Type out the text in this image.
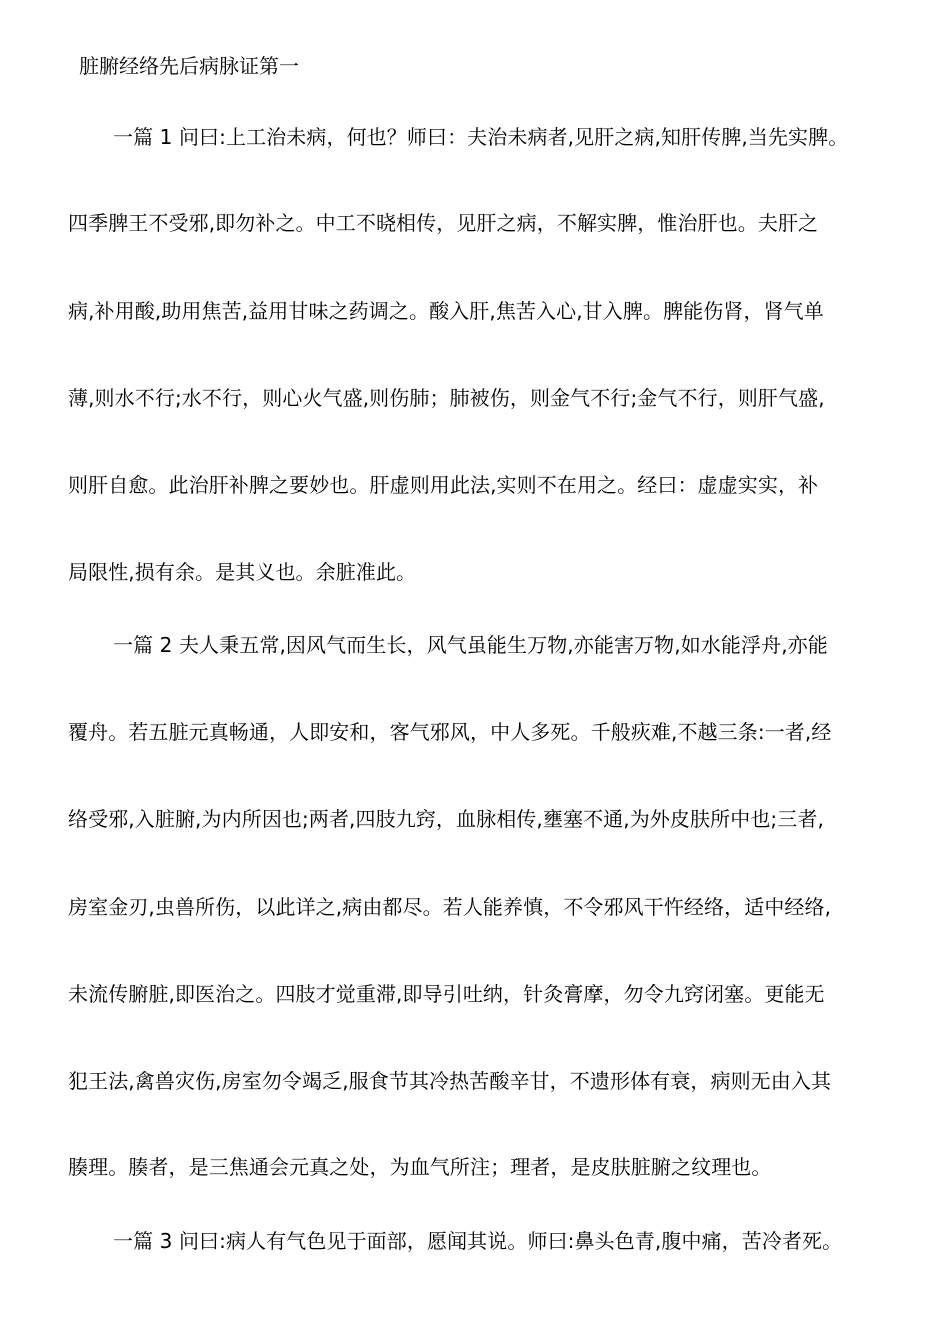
脏腑经络先后病脉证第一
一篇 1 问曰:上工治未病，何也？师曰：夫治未病者,见肝之病,知肝传脾,当先实脾。
四季脾王不受邪,即勿补之。中工不晓相传，见肝之病，不解实脾，惟治肝也。夫肝之
病,补用酸,助用焦苦,益用甘味之药调之。酸入肝,焦苦入心,甘入脾。脾能伤肾，肾气单
薄,则水不行;水不行，则心火气盛,则伤肺；肺被伤，则金气不行;金气不行，则肝气盛,
则肝自愈。此治肝补脾之要妙也。肝虚则用此法,实则不在用之。经曰：虚虚实实，补
局限性,损有余。是其义也。余脏准此。
一篇 2 夫人秉五常,因风气而生长，风气虽能生万物,亦能害万物,如水能浮舟,亦能
覆舟。若五脏元真畅通，人即安和，客气邪风，中人多死。千般疢难,不越三条:一者,经
络受邪,入脏腑,为内所因也;两者,四肢九窍，血脉相传,壅塞不通,为外皮肤所中也;三者,
房室金刃,虫兽所伤，以此详之,病由都尽。若人能养慎，不令邪风干忤经络，适中经络,
未流传腑脏,即医治之。四肢才觉重滞,即导引吐纳，针灸膏摩，勿令九窍闭塞。更能无
犯王法,禽兽灾伤,房室勿令竭乏,服食节其冷热苦酸辛甘，不遗形体有衰，病则无由入其
腠理。腠者，是三焦通会元真之处，为血气所注；理者，是皮肤脏腑之纹理也。
一篇 3 问曰:病人有气色见于面部，愿闻其说。师曰:鼻头色青,腹中痛，苦冷者死。
